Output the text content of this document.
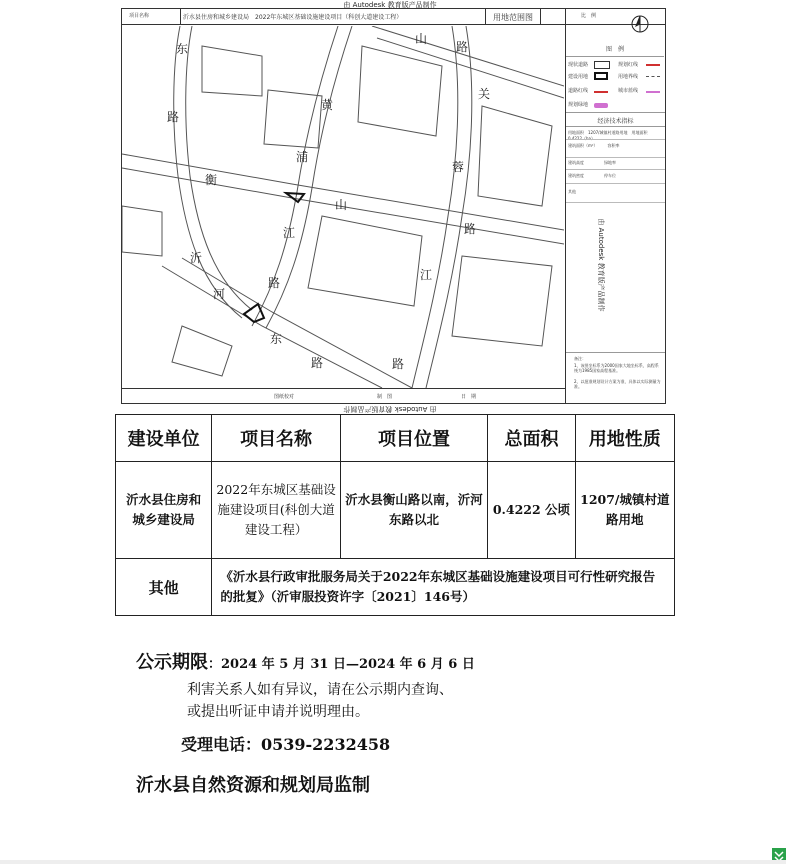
由 Autodesk 教育版产品制作
项目名称	沂水县住房和城乡建设局　2022年东城区基础设施建设项目（科创大道建设工程）	用地范围图	比　例
东
路
山
路
关
蓉
黄
浦
江
衡
山
路
沂
河
东
路
江
路
路
图纸校对	制　图	日　期
图　例
现状道路	规划红线
建设用地	用地界线
道路红线	城市蓝线
规划绿地
经济技术指标
用地面积　1207/城镇村道路用地　用地面积　
建筑面积（m²）　　　容积率
建筑高度　　　　　绿地率
建筑密度　　　　　停车位
其他
备注：
1、该图坐标系为2000国家大地坐标系，高程系统为1985国家高程基准。
2、以批准规划设计方案为准，具体以实际测量为准。
由 Autodesk 教育版产品制作
由 Autodesk 教育版产品制作
建设单位	项目名称	项目位置	总面积	用地性质
沂水县住房和城乡建设局	2022年东城区基础设施建设项目(科创大道建设工程）	沂水县衡山路以南，沂河东路以北	0.4222 公顷	1207/城镇村道路用地
其他	《沂水县行政审批服务局关于2022年东城区基础设施建设项目可行性研究报告的批复》（沂审服投资许字〔2021〕146号）			
公示期限：2024 年 5 月 31 日—2024 年 6 月 6 日
利害关系人如有异议，请在公示期内查询、
或提出听证申请并说明理由。
受理电话：0539-2232458
沂水县自然资源和规划局监制
